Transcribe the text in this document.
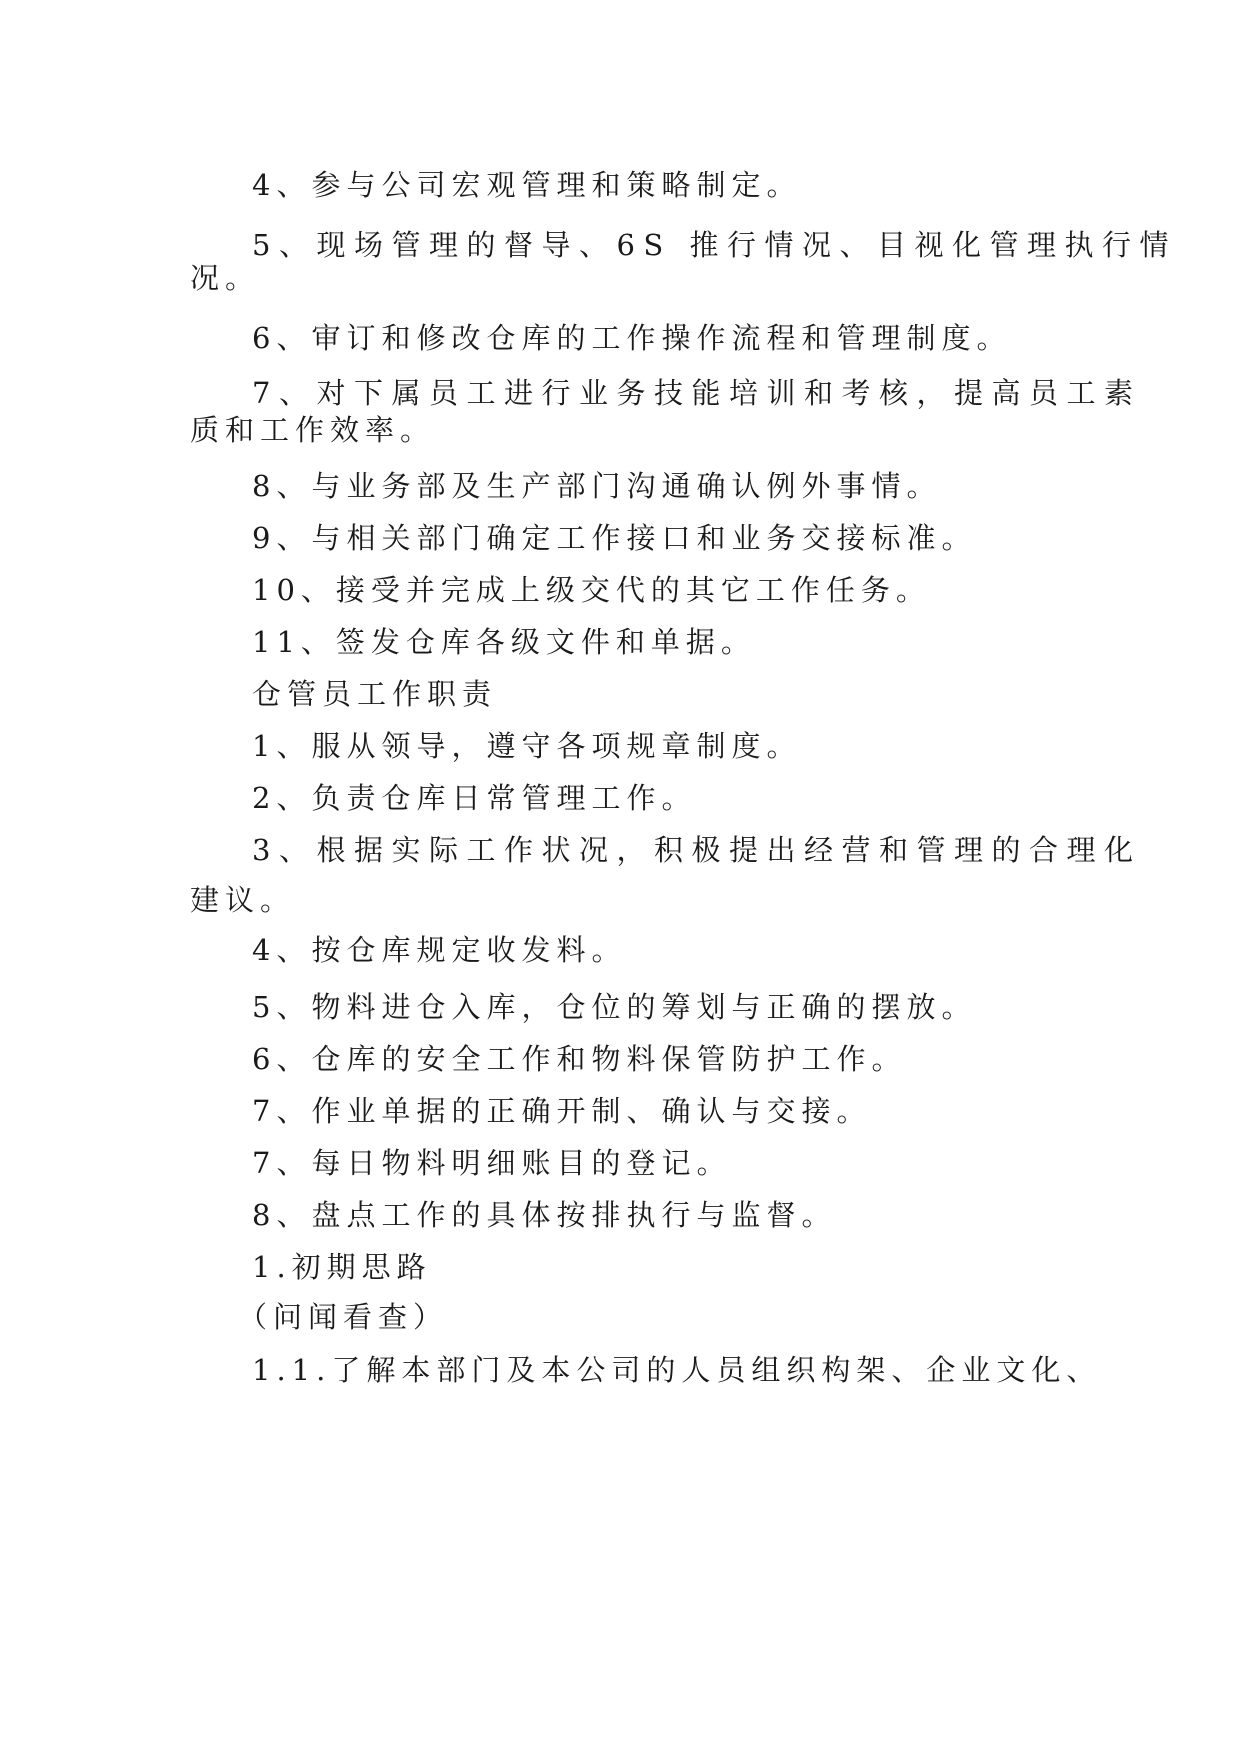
4、参与公司宏观管理和策略制定。
5、现场管理的督导、6S 推行情况、目视化管理执行情
况。
6、审订和修改仓库的工作操作流程和管理制度。
7、对下属员工进行业务技能培训和考核，提高员工素
质和工作效率。
8、与业务部及生产部门沟通确认例外事情。
9、与相关部门确定工作接口和业务交接标准。
10、接受并完成上级交代的其它工作任务。
11、签发仓库各级文件和单据。
仓管员工作职责
1、服从领导，遵守各项规章制度。
2、负责仓库日常管理工作。
3、根据实际工作状况，积极提出经营和管理的合理化
建议。
4、按仓库规定收发料。
5、物料进仓入库，仓位的筹划与正确的摆放。
6、仓库的安全工作和物料保管防护工作。
7、作业单据的正确开制、确认与交接。
7、每日物料明细账目的登记。
8、盘点工作的具体按排执行与监督。
1.初期思路
（问闻看查）
1.1.了解本部门及本公司的人员组织构架、企业文化、
